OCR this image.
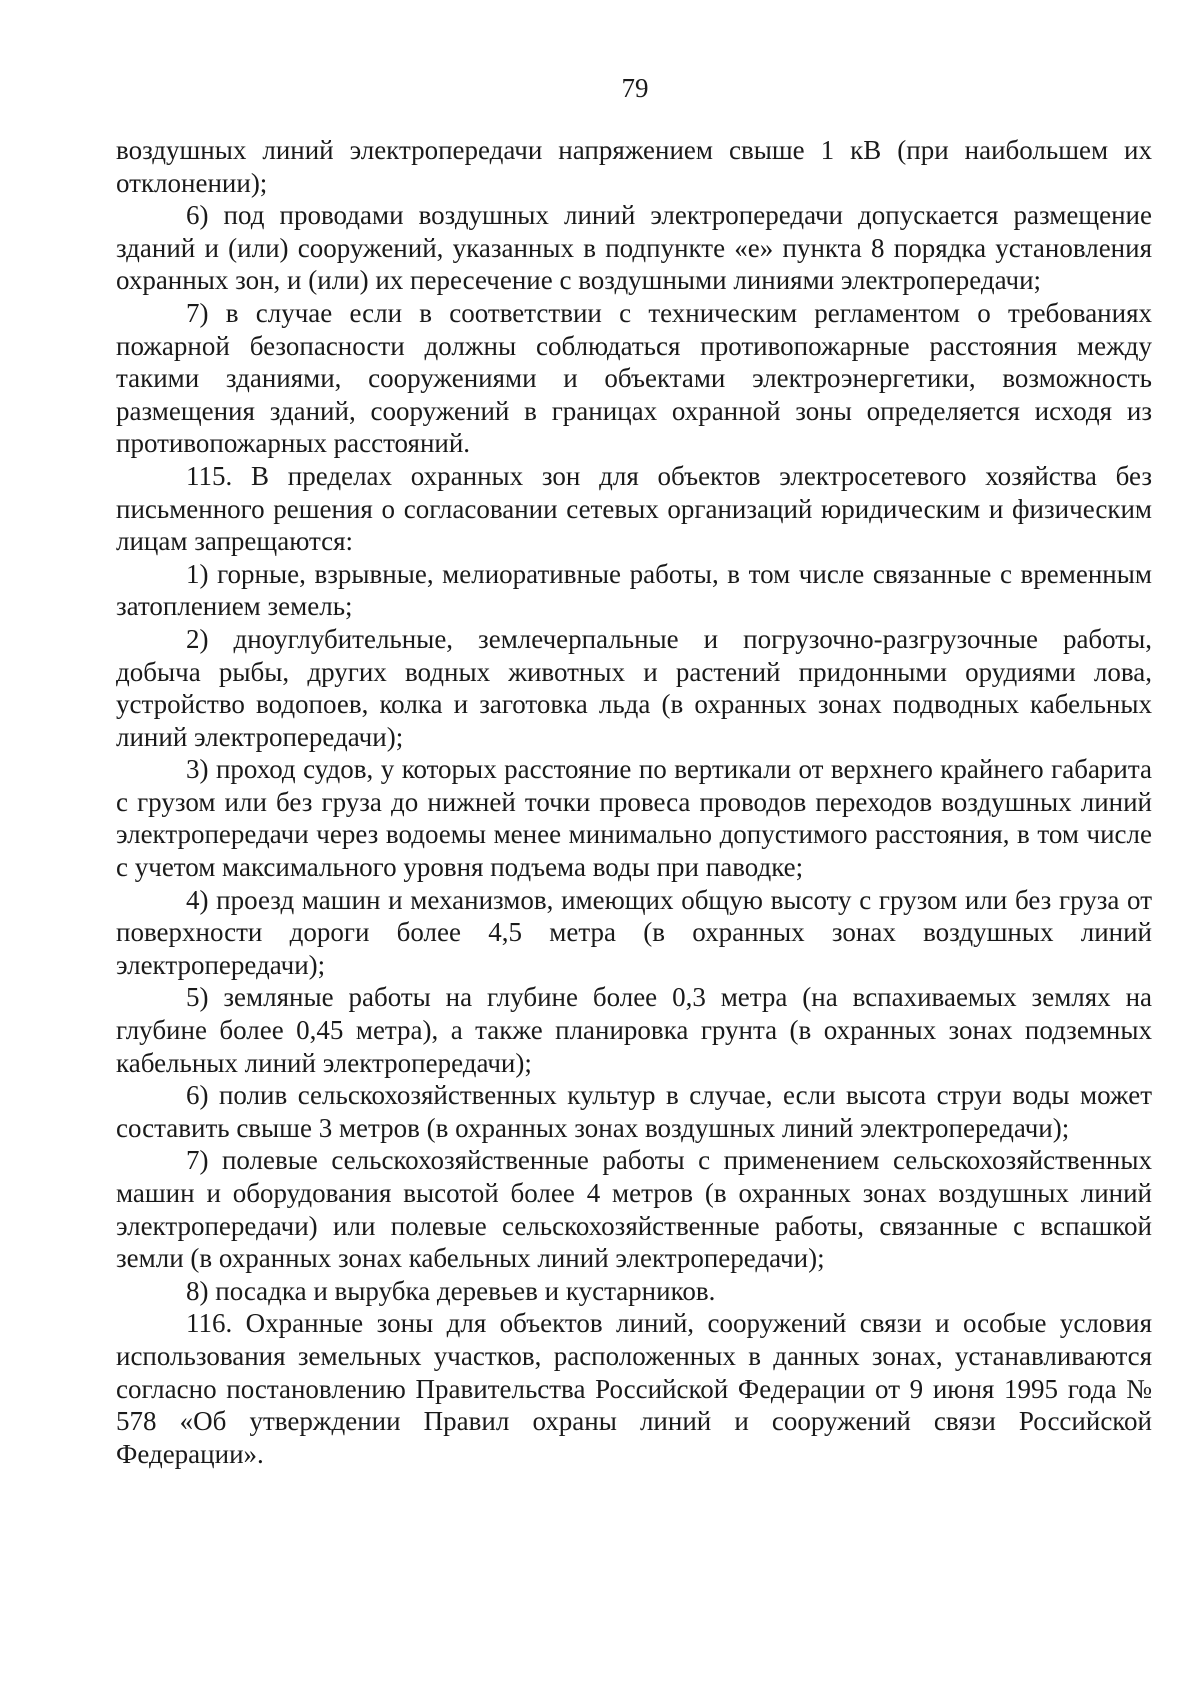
79

воздушных линий электропередачи напряжением свыше 1 кВ (при наибольшем их отклонении);

6) под проводами воздушных линий электропередачи допускается размещение зданий и (или) сооружений, указанных в подпункте «е» пункта 8 порядка установления охранных зон, и (или) их пересечение с воздушными линиями электропередачи;

7) в случае если в соответствии с техническим регламентом о требованиях пожарной безопасности должны соблюдаться противопожарные расстояния между такими зданиями, сооружениями и объектами электроэнергетики, возможность размещения зданий, сооружений в границах охранной зоны определяется исходя из противопожарных расстояний.

115. В пределах охранных зон для объектов электросетевого хозяйства без письменного решения о согласовании сетевых организаций юридическим и физическим лицам запрещаются:

1) горные, взрывные, мелиоративные работы, в том числе связанные с временным затоплением земель;

2) дноуглубительные, землечерпальные и погрузочно-разгрузочные работы, добыча рыбы, других водных животных и растений придонными орудиями лова, устройство водопоев, колка и заготовка льда (в охранных зонах подводных кабельных линий электропередачи);

3) проход судов, у которых расстояние по вертикали от верхнего крайнего габарита с грузом или без груза до нижней точки провеса проводов переходов воздушных линий электропередачи через водоемы менее минимально допустимого расстояния, в том числе с учетом максимального уровня подъема воды при паводке;

4) проезд машин и механизмов, имеющих общую высоту с грузом или без груза от поверхности дороги более 4,5 метра (в охранных зонах воздушных линий электропередачи);

5) земляные работы на глубине более 0,3 метра (на вспахиваемых землях на глубине более 0,45 метра), а также планировка грунта (в охранных зонах подземных кабельных линий электропередачи);

6) полив сельскохозяйственных культур в случае, если высота струи воды может составить свыше 3 метров (в охранных зонах воздушных линий электропередачи);

7) полевые сельскохозяйственные работы с применением сельскохозяйственных машин и оборудования высотой более 4 метров (в охранных зонах воздушных линий электропередачи) или полевые сельскохозяйственные работы, связанные с вспашкой земли (в охранных зонах кабельных линий электропередачи);

8) посадка и вырубка деревьев и кустарников.

116. Охранные зоны для объектов линий, сооружений связи и особые условия использования земельных участков, расположенных в данных зонах, устанавливаются согласно постановлению Правительства Российской Федерации от 9 июня 1995 года № 578 «Об утверждении Правил охраны линий и сооружений связи Российской Федерации».
